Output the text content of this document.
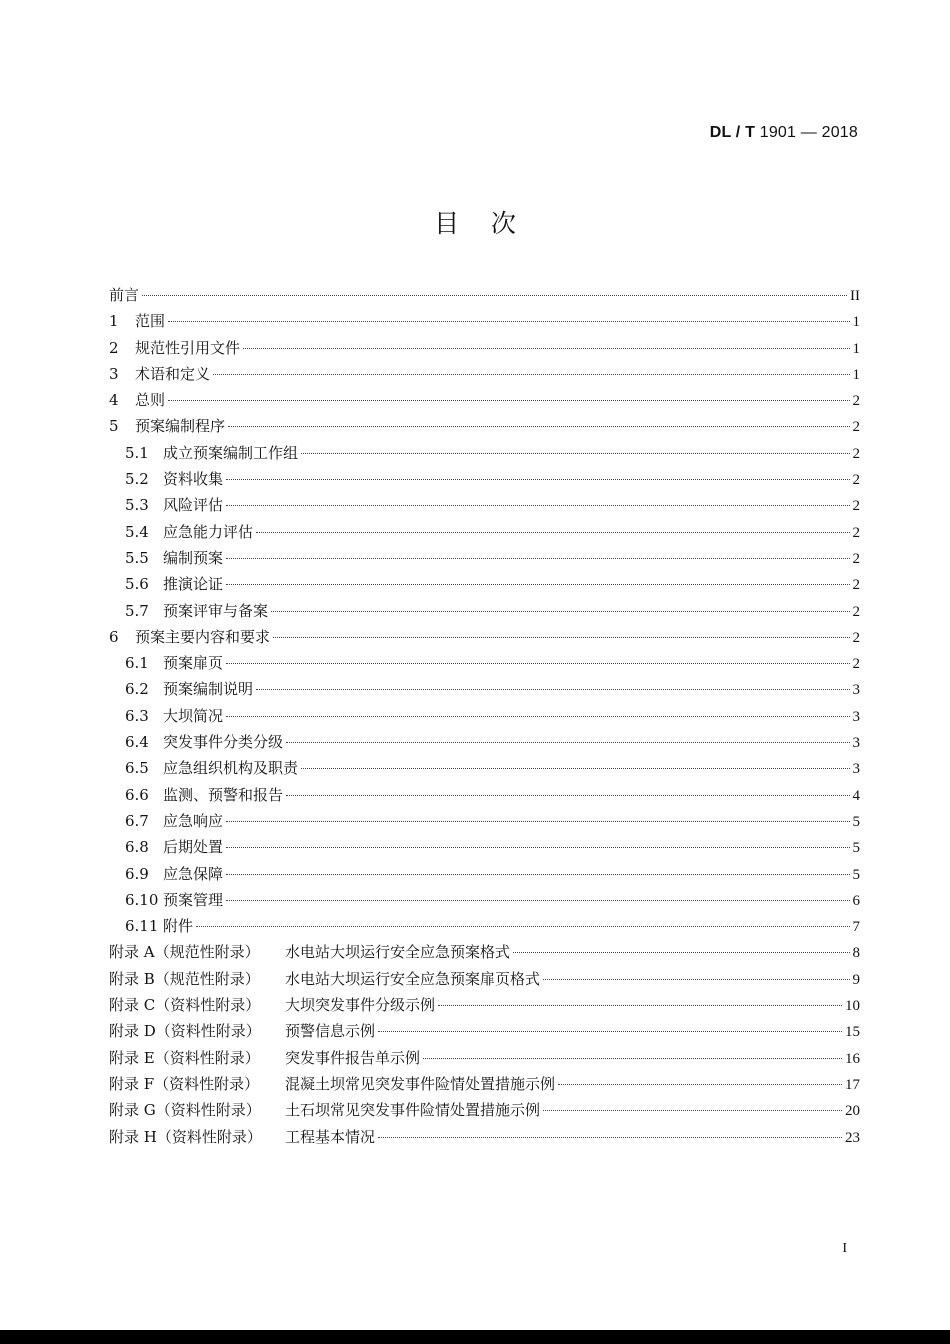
DL / T 1901 — 2018
目    次
前言	II
1	范围	1
2	规范性引用文件	1
3	术语和定义	1
4	总则	2
5	预案编制程序	2
5.1 成立预案编制工作组	2
5.2 资料收集	2
5.3 风险评估	2
5.4 应急能力评估	2
5.5 编制预案	2
5.6 推演论证	2
5.7 预案评审与备案	2
6	预案主要内容和要求	2
6.1 预案扉页	2
6.2 预案编制说明	3
6.3 大坝简况	3
6.4 突发事件分类分级	3
6.5 应急组织机构及职责	3
6.6 监测、预警和报告	4
6.7 应急响应	5
6.8 后期处置	5
6.9 应急保障	5
6.10 预案管理	6
6.11 附件	7
附录 A（规范性附录）	水电站大坝运行安全应急预案格式	8
附录 B（规范性附录）	水电站大坝运行安全应急预案扉页格式	9
附录 C（资料性附录）	大坝突发事件分级示例	10
附录 D（资料性附录）	预警信息示例	15
附录 E（资料性附录）	突发事件报告单示例	16
附录 F（资料性附录）	混凝土坝常见突发事件险情处置措施示例	17
附录 G（资料性附录）	土石坝常见突发事件险情处置措施示例	20
附录 H（资料性附录）	工程基本情况	23
I
